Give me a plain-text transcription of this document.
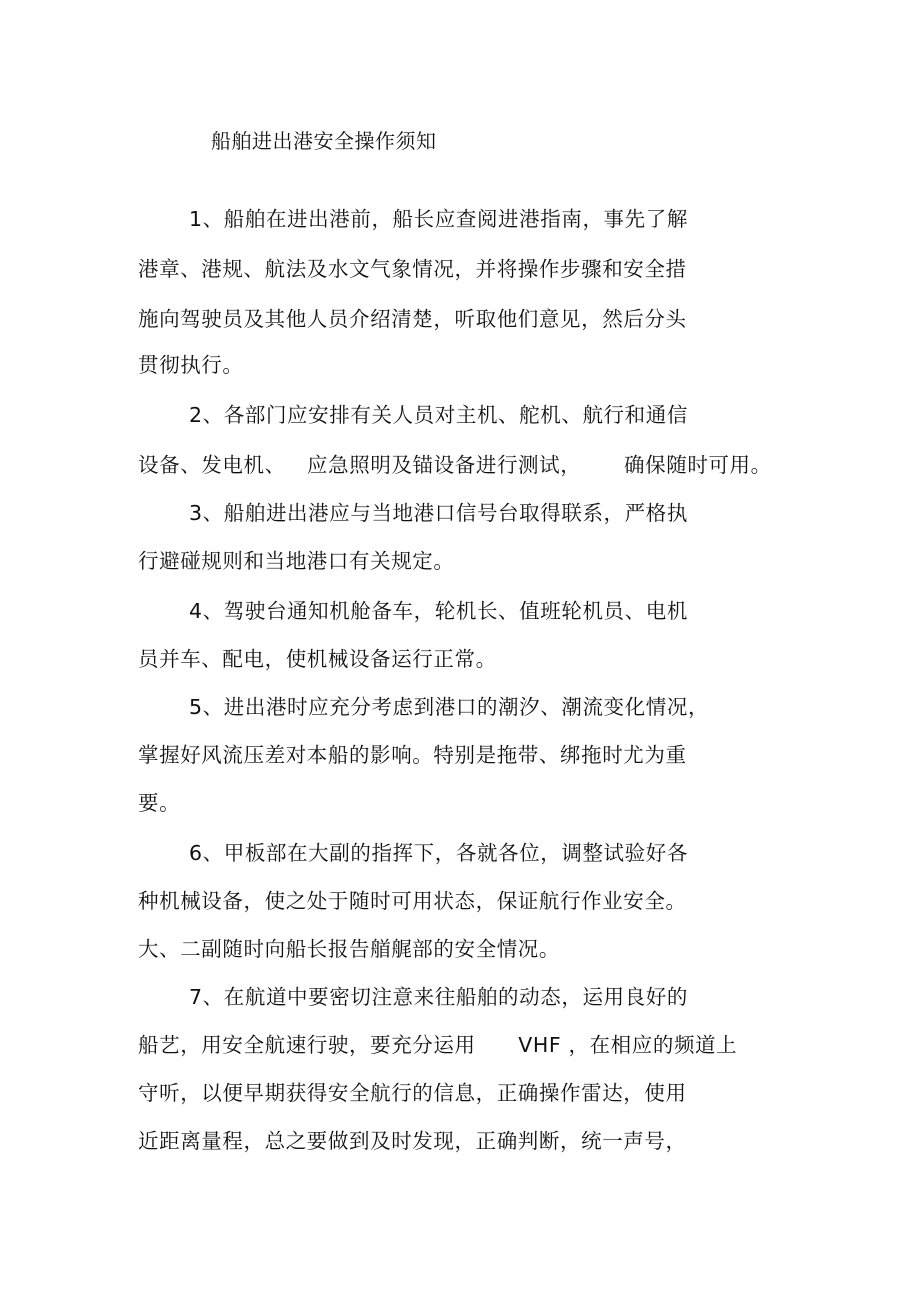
船舶进出港安全操作须知
1、船舶在进出港前，船长应查阅进港指南，事先了解
港章、港规、航法及水文气象情况，并将操作步骤和安全措
施向驾驶员及其他人员介绍清楚，听取他们意见，然后分头
贯彻执行。
2、各部门应安排有关人员对主机、舵机、航行和通信
设备、发电机、   应急照明及锚设备进行测试，      确保随时可用。
3、船舶进出港应与当地港口信号台取得联系，严格执
行避碰规则和当地港口有关规定。
4、驾驶台通知机舱备车，轮机长、值班轮机员、电机
员并车、配电，使机械设备运行正常。
5、进出港时应充分考虑到港口的潮汐、潮流变化情况，
掌握好风流压差对本船的影响。特别是拖带、绑拖时尤为重
要。
6、甲板部在大副的指挥下，各就各位，调整试验好各
种机械设备，使之处于随时可用状态，保证航行作业安全。
大、二副随时向船长报告艏艉部的安全情况。
7、在航道中要密切注意来往船舶的动态，运用良好的
船艺，用安全航速行驶，要充分运用      VHF ，在相应的频道上
守听，以便早期获得安全航行的信息，正确操作雷达，使用
近距离量程，总之要做到及时发现，正确判断，统一声号，
